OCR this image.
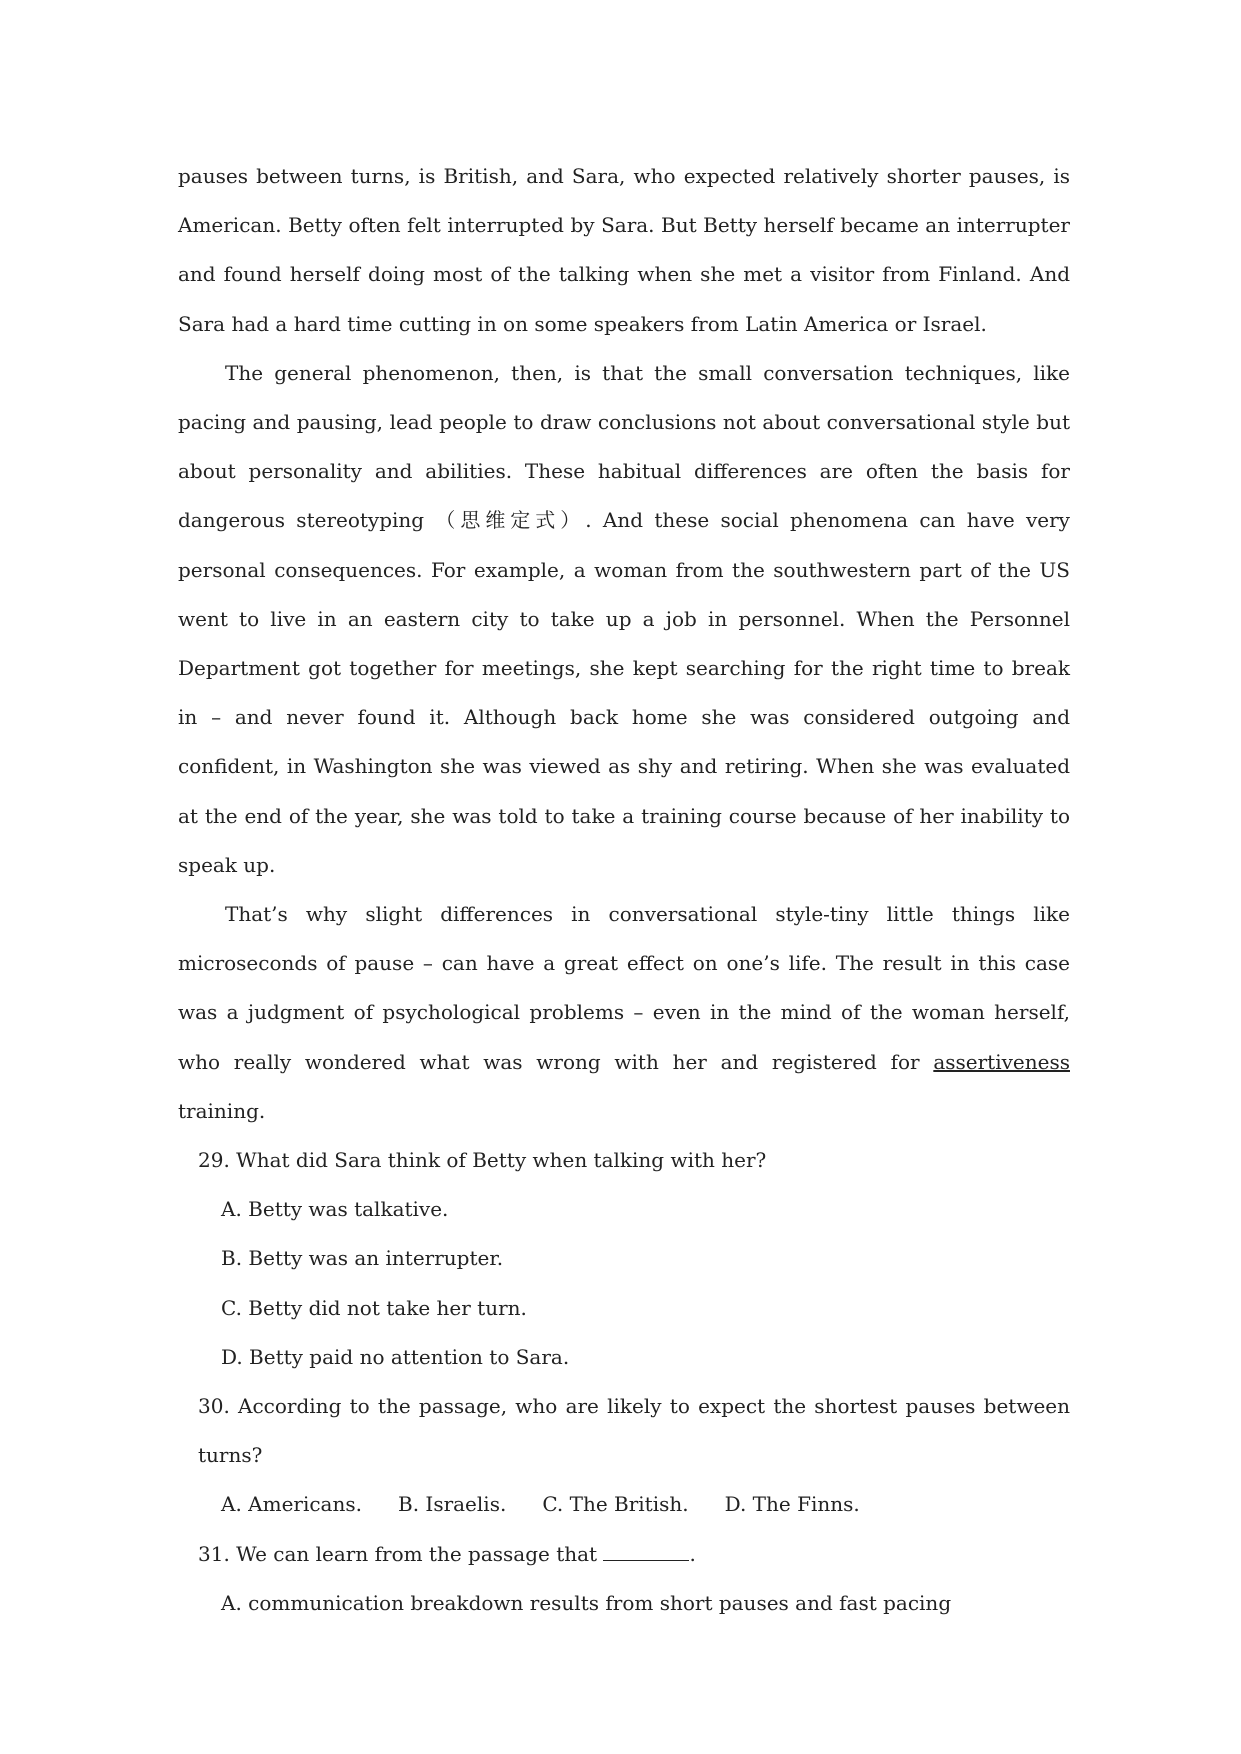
pauses between turns, is British, and Sara, who expected relatively shorter pauses, is American. Betty often felt interrupted by Sara. But Betty herself became an interrupter and found herself doing most of the talking when she met a visitor from Finland. And Sara had a hard time cutting in on some speakers from Latin America or Israel.

The general phenomenon, then, is that the small conversation techniques, like pacing and pausing, lead people to draw conclusions not about conversational style but about personality and abilities. These habitual differences are often the basis for dangerous stereotyping （思维定式）. And these social phenomena can have very personal consequences. For example, a woman from the southwestern part of the US went to live in an eastern city to take up a job in personnel. When the Personnel Department got together for meetings, she kept searching for the right time to break in – and never found it. Although back home she was considered outgoing and confident, in Washington she was viewed as shy and retiring. When she was evaluated at the end of the year, she was told to take a training course because of her inability to speak up.

That’s why slight differences in conversational style-tiny little things like microseconds of pause – can have a great effect on one’s life. The result in this case was a judgment of psychological problems – even in the mind of the woman herself, who really wondered what was wrong with her and registered for assertiveness training.

29. What did Sara think of Betty when talking with her?

A. Betty was talkative.

B. Betty was an interrupter.

C. Betty did not take her turn.

D. Betty paid no attention to Sara.

30. According to the passage, who are likely to expect the shortest pauses between turns?

A. Americans. B. Israelis. C. The British. D. The Finns.

31. We can learn from the passage that	.

A. communication breakdown results from short pauses and fast pacing
